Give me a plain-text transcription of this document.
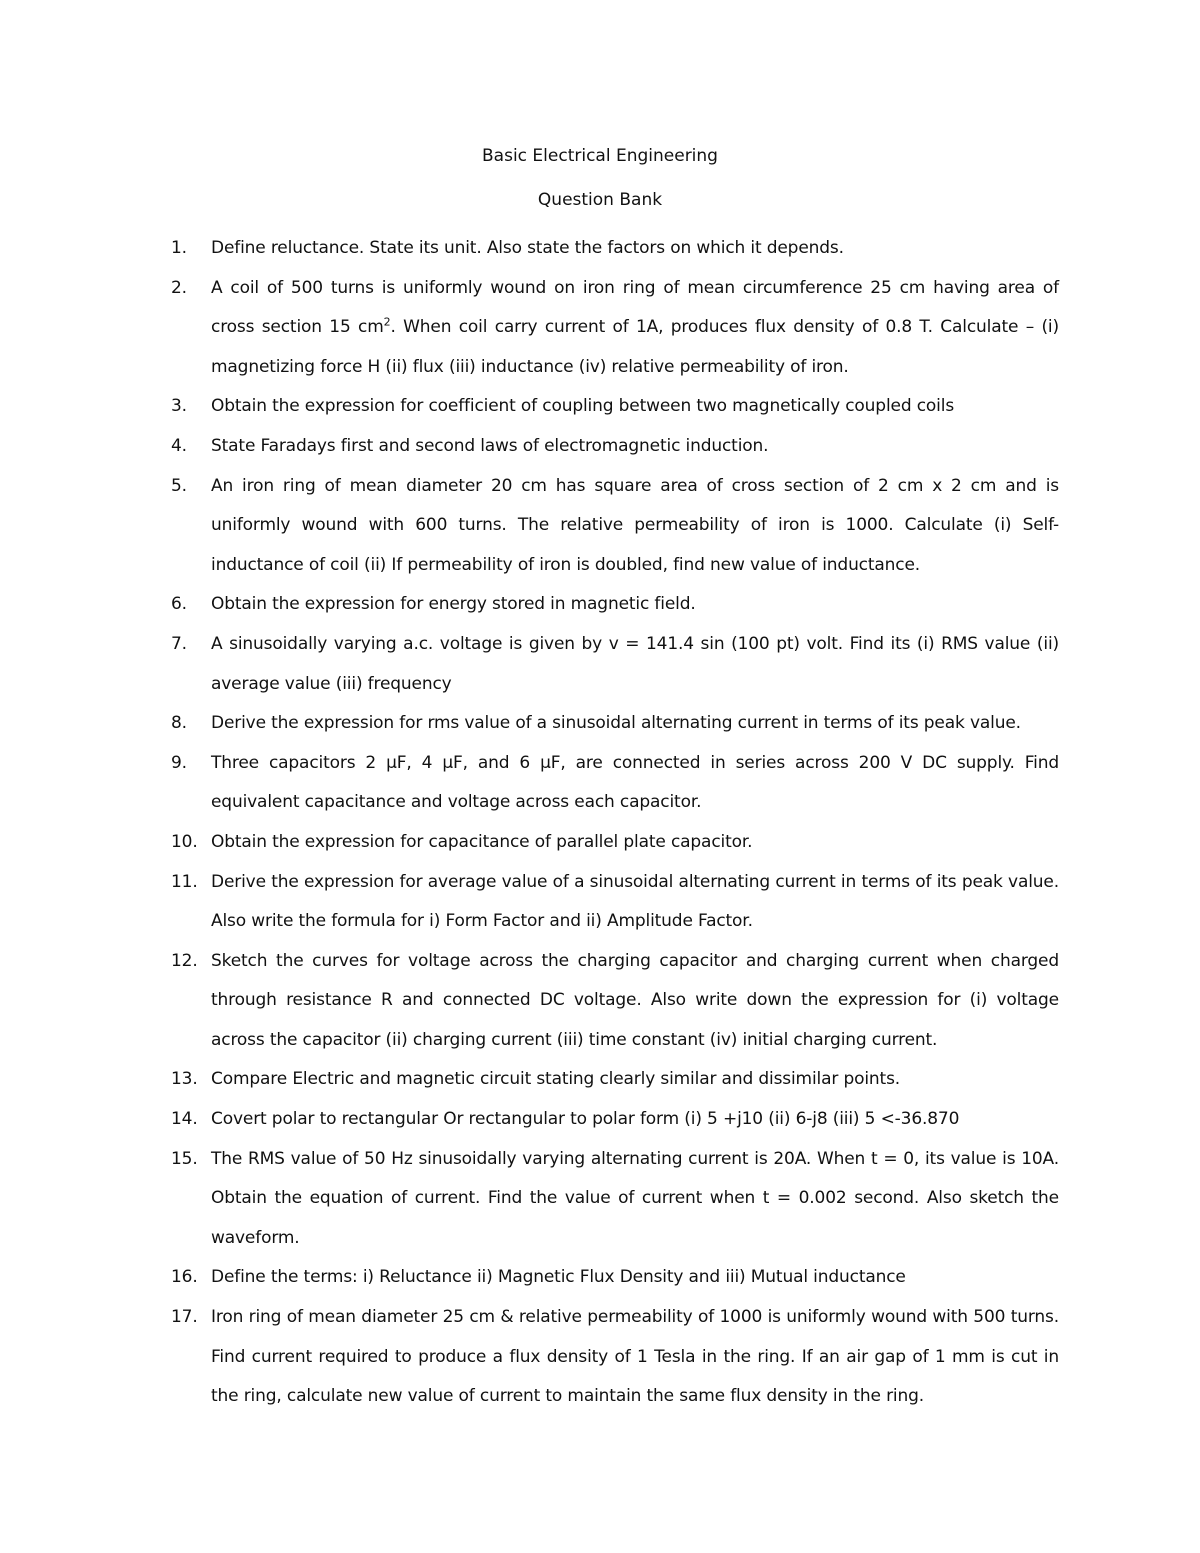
Basic Electrical Engineering
Question Bank
1.	Define reluctance. State its unit. Also state the factors on which it depends.
2.	A coil of 500 turns is uniformly wound on iron ring of mean circumference 25 cm having area of cross section 15 $cm^2$. When coil carry current of 1A, produces flux density of 0.8 T. Calculate – (i) magnetizing force H (ii) flux (iii) inductance (iv) relative permeability of iron.
3.	Obtain the expression for coefficient of coupling between two magnetically coupled coils
4.	State Faradays first and second laws of electromagnetic induction.
5.	An iron ring of mean diameter 20 cm has square area of cross section of 2 cm x 2 cm and is uniformly wound with 600 turns. The relative permeability of iron is 1000. Calculate (i) Self-inductance of coil (ii) If permeability of iron is doubled, find new value of inductance.
6.	Obtain the expression for energy stored in magnetic field.
7.	A sinusoidally varying a.c. voltage is given by v = 141.4 sin (100 pt) volt. Find its (i) RMS value (ii) average value (iii) frequency
8.	Derive the expression for rms value of a sinusoidal alternating current in terms of its peak value.
9.	Three capacitors 2 µF, 4 µF, and 6 µF, are connected in series across 200 V DC supply. Find equivalent capacitance and voltage across each capacitor.
10. Obtain the expression for capacitance of parallel plate capacitor.
11. Derive the expression for average value of a sinusoidal alternating current in terms of its peak value. Also write the formula for i) Form Factor and ii) Amplitude Factor.
12. Sketch the curves for voltage across the charging capacitor and charging current when charged through resistance R and connected DC voltage. Also write down the expression for (i) voltage across the capacitor (ii) charging current (iii) time constant (iv) initial charging current.
13. Compare Electric and magnetic circuit stating clearly similar and dissimilar points.
14. Covert polar to rectangular Or rectangular to polar form (i) 5 +j10 (ii) 6-j8 (iii) 5 <-36.870
15. The RMS value of 50 Hz sinusoidally varying alternating current is 20A. When t = 0, its value is 10A. Obtain the equation of current. Find the value of current when t = 0.002 second. Also sketch the waveform.
16. Define the terms: i) Reluctance ii) Magnetic Flux Density and iii) Mutual inductance
17. Iron ring of mean diameter 25 cm & relative permeability of 1000 is uniformly wound with 500 turns. Find current required to produce a flux density of 1 Tesla in the ring. If an air gap of 1 mm is cut in the ring, calculate new value of current to maintain the same flux density in the ring.
